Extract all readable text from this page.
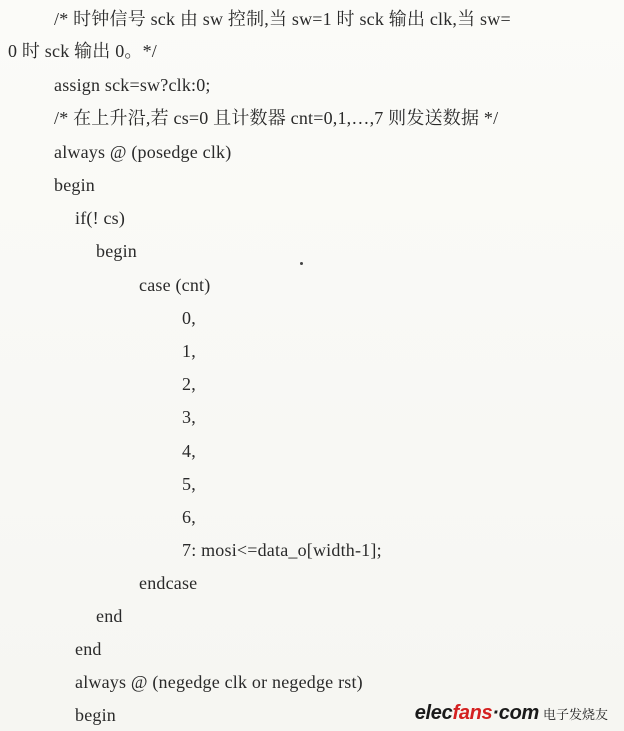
/* 时钟信号 sck 由 sw 控制,当 sw=1 时 sck 输出 clk,当 sw=
0 时 sck 输出 0。*/
assign sck=sw?clk:0;
/* 在上升沿,若 cs=0 且计数器 cnt=0,1,…,7 则发送数据 */
always @ (posedge clk)
begin
if(! cs)
begin
case (cnt)
0,
1,
2,
3,
4,
5,
6,
7: mosi<=data_o[width-1];
endcase
end
end
always @ (negedge clk or negedge rst)
begin	elecfans·com 电子发烧友
